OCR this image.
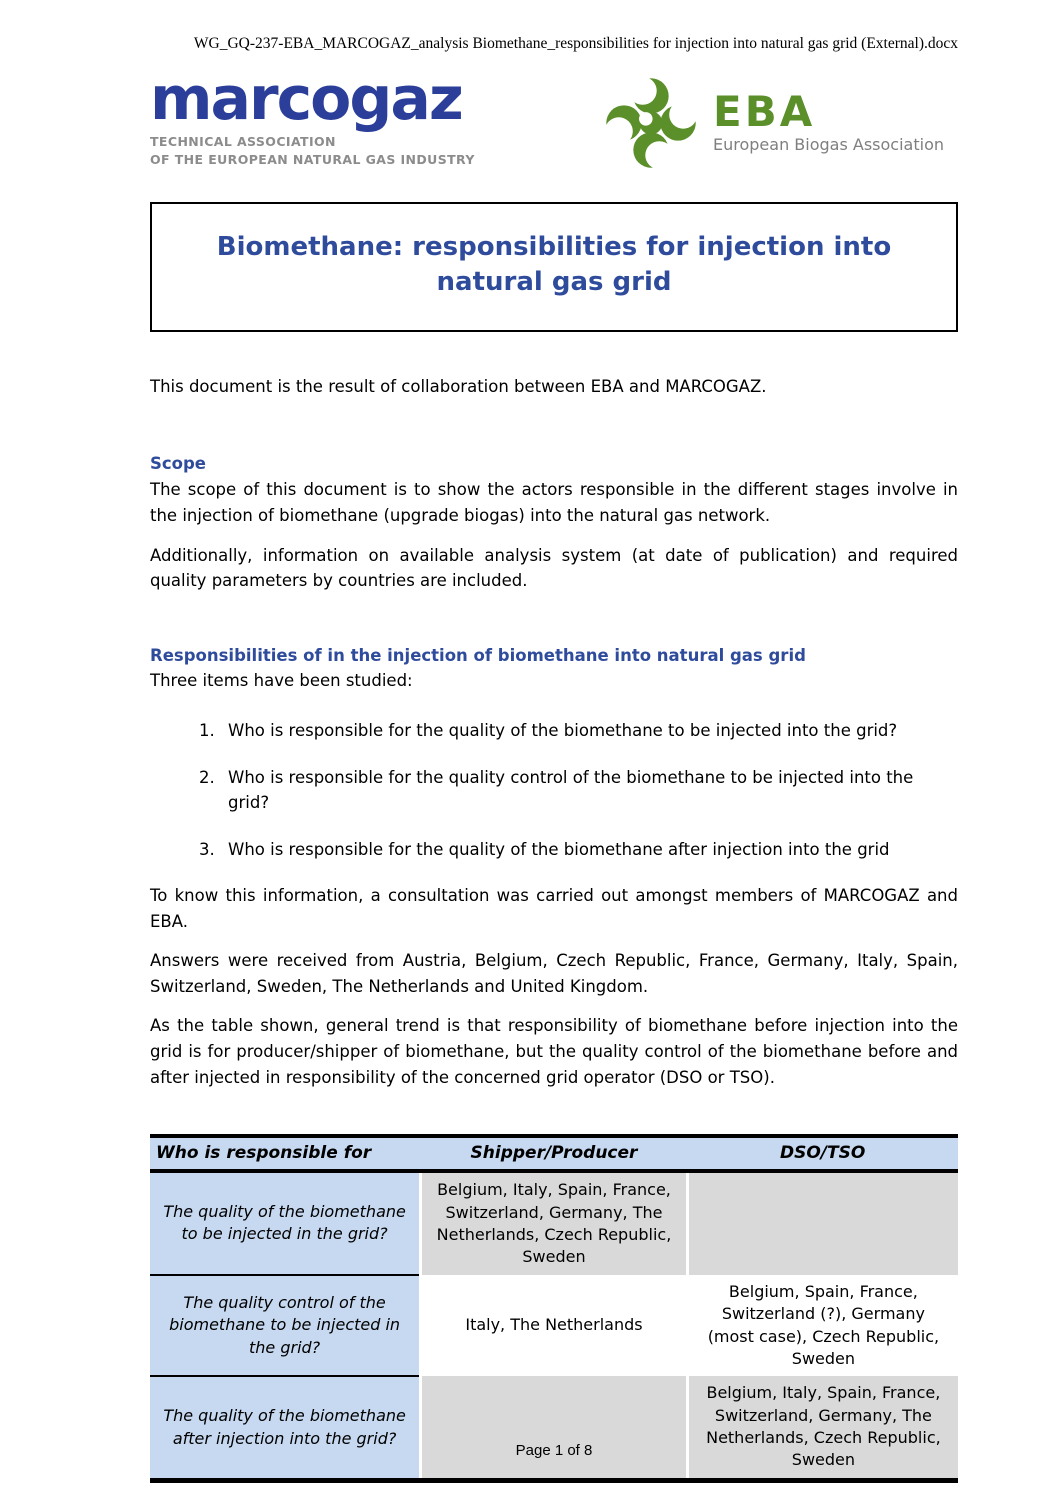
WG_GQ-237-EBA_MARCOGAZ_analysis Biomethane_responsibilities for injection into natural gas grid (External).docx
marcogaz
TECHNICAL ASSOCIATION
OF THE EUROPEAN NATURAL GAS INDUSTRY
EBA
European Biogas Association
Biomethane: responsibilities for injection into natural gas grid

This document is the result of collaboration between EBA and MARCOGAZ.

Scope

The scope of this document is to show the actors responsible in the different stages involve in the injection of biomethane (upgrade biogas) into the natural gas network.

Additionally, information on available analysis system (at date of publication) and required quality parameters by countries are included.

Responsibilities of in the injection of biomethane into natural gas grid

Three items have been studied:

1. Who is responsible for the quality of the biomethane to be injected into the grid?
2. Who is responsible for the quality control of the biomethane to be injected into the grid?
3. Who is responsible for the quality of the biomethane after injection into the grid

To know this information, a consultation was carried out amongst members of MARCOGAZ and EBA.

Answers were received from Austria, Belgium, Czech Republic, France, Germany, Italy, Spain, Switzerland, Sweden, The Netherlands and United Kingdom.

As the table shown, general trend is that responsibility of biomethane before injection into the grid is for producer/shipper of biomethane, but the quality control of the biomethane before and after injected in responsibility of the concerned grid operator (DSO or TSO).

Who is responsible for	Shipper/Producer	DSO/TSO
The quality of the biomethane to be injected in the grid?	Belgium, Italy, Spain, France, Switzerland, Germany, The Netherlands, Czech Republic, Sweden	
The quality control of the biomethane to be injected in the grid?	Italy, The Netherlands	Belgium, Spain, France, Switzerland (?), Germany (most case), Czech Republic, Sweden
The quality of the biomethane after injection into the grid?		Belgium, Italy, Spain, France, Switzerland, Germany, The Netherlands, Czech Republic, Sweden
Page 1 of 8
